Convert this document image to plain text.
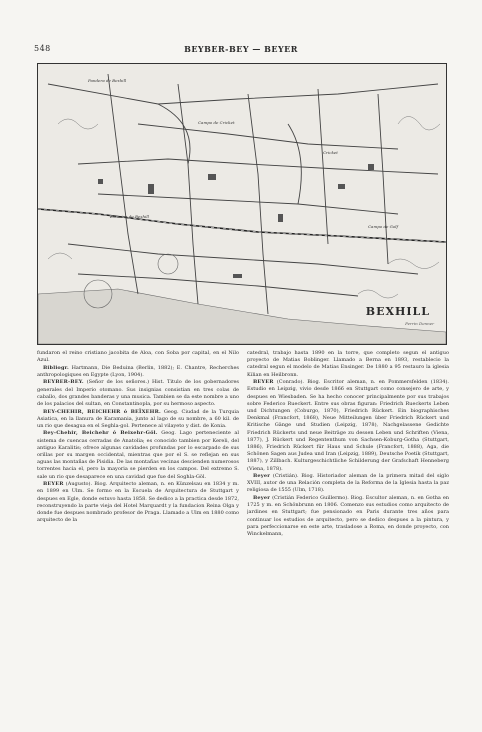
548	BEYBER-BEY — BEYER
Pandera de Bexhill
Campo de Cricket
Cricket
Estacion de Bexhill
Campo de Golf
BEXHILL
Perrin Denner

fundaron el reino cristiano jacobita de Aloa, con Soba por capital, en el Nilo Azul.

Bibliogr. Hartmann, Die Beduina (Berlin, 1882); E. Chantre, Recherches anthropologiques en Egypte (Lyon, 1904).

BEYBER-BEY. (Señor de los señores.) Hist. Titulo de los gobernadores generales del Imperio otomano. Sus insignias consistian en tres colas de caballo, dos grandes banderas y una musica. Tambien se da este nombre a uno de los palacios del sultan, en Constantinopla, por su hermoso aspecto.

BEY-CHEHIR, BEICHEHR ó BEÏXEHR. Geog. Ciudad de la Turquia Asiatica, en la llanura de Karamania, junto al lago de su nombre, a 60 kil. de un rio que desagua en el Seghla-gol. Pertenece al vilayeto y dist. de Konia.

Bey-Chehir, Beichehr ó Beixehr-Göl. Geog. Lago perteneciente al sistema de cuencas cerradas de Anatolia; es conocido tambien por Kereli, del antiguo Karalitis; ofrece algunas cavidades profundas por lo escarpado de sus orillas por su margen occidental, mientras que por el S. se reflejan en sus aguas las montañas de Pisidia. De las montañas vecinas descienden numerosos torrentes hacia el, pero la mayoria se pierden en los campos. Del extremo S. sale un rio que desaparece en una cavidad que fue del Soghla-Göl.

BEYER (Augusto). Biog. Arquitecto aleman, n. en Künzelsau en 1834 y m. en 1899 en Ulm. Se formo en la Escuela de Arquitectura de Stuttgart y despues en Egle, donde estuvo hasta 1858. Se dedico a la practica desde 1872, reconstruyendo la parte vieja del Hotel Marquardt y la fundacion Reina Olga y donde fue despues nombrado profesor de Praga. Llamado a Ulm en 1880 como arquitecto de la

catedral, trabajo hasta 1890 en la torre, que completo segun el antiguo proyecto de Matias Boblinger. Llamado a Berna en 1893, restablecio la catedral segun el modelo de Matias Ensinger. De 1880 a 95 restauro la iglesia Kilian en Heilbronn.

BEYER (Conrado). Biog. Escritor aleman, n. en Pommersfelden (1834). Estudio en Leipzig, vivio desde 1866 en Stuttgart como consejero de arte, y despues en Wiesbaden. Se ha hecho conocer principalmente por sus trabajos sobre Federico Rueckert. Entre sus obras figuran: Friedrich Rueckerts Leben und Dichtungen (Coburgo, 1870), Friedrich Rückert. Ein biographisches Denkmal (Francfort, 1868), Neue Mitteilungen über Friedrich Rückert und Kritische Gänge und Studien (Leipzig, 1878), Nachgelassene Gedichte Friedrich Rückerts und neue Beiträge zu dessen Leben und Schriften (Viena, 1877), J. Rückert und Regententhum von Sachsen-Koburg-Gotha (Stuttgart, 1886), Friedrich Rückert für Haus und Schule (Francfort, 1888), Aga, die Schönen Sagen aus Judea und Iran (Leipzig, 1889), Deutsche Poetik (Stuttgart, 1887), y Zillbach. Kulturgeschichtliche Schilderung der Grafschaft Henneberg (Viena, 1878).

Beyer (Cristián). Biog. Historiador aleman de la primera mitad del siglo XVIII, autor de una Relación completa de la Reforma de la Iglesia hasta la paz religiosa de 1555 (Ulm, 1718).

Beyer (Cristián Federico Guillermo). Biog. Escultor aleman, n. en Gotha en 1725 y m. en Schönbrunn en 1806. Comenzo sus estudios como arquitecto de jardines en Stuttgart; fue pensionado en Paris durante tres años para continuar los estudios de arquitecto, pero se dedico despues a la pintura, y para perfeccionarse en este arte, trasladose a Roma, en donde proyecto, con Winckelmann,
